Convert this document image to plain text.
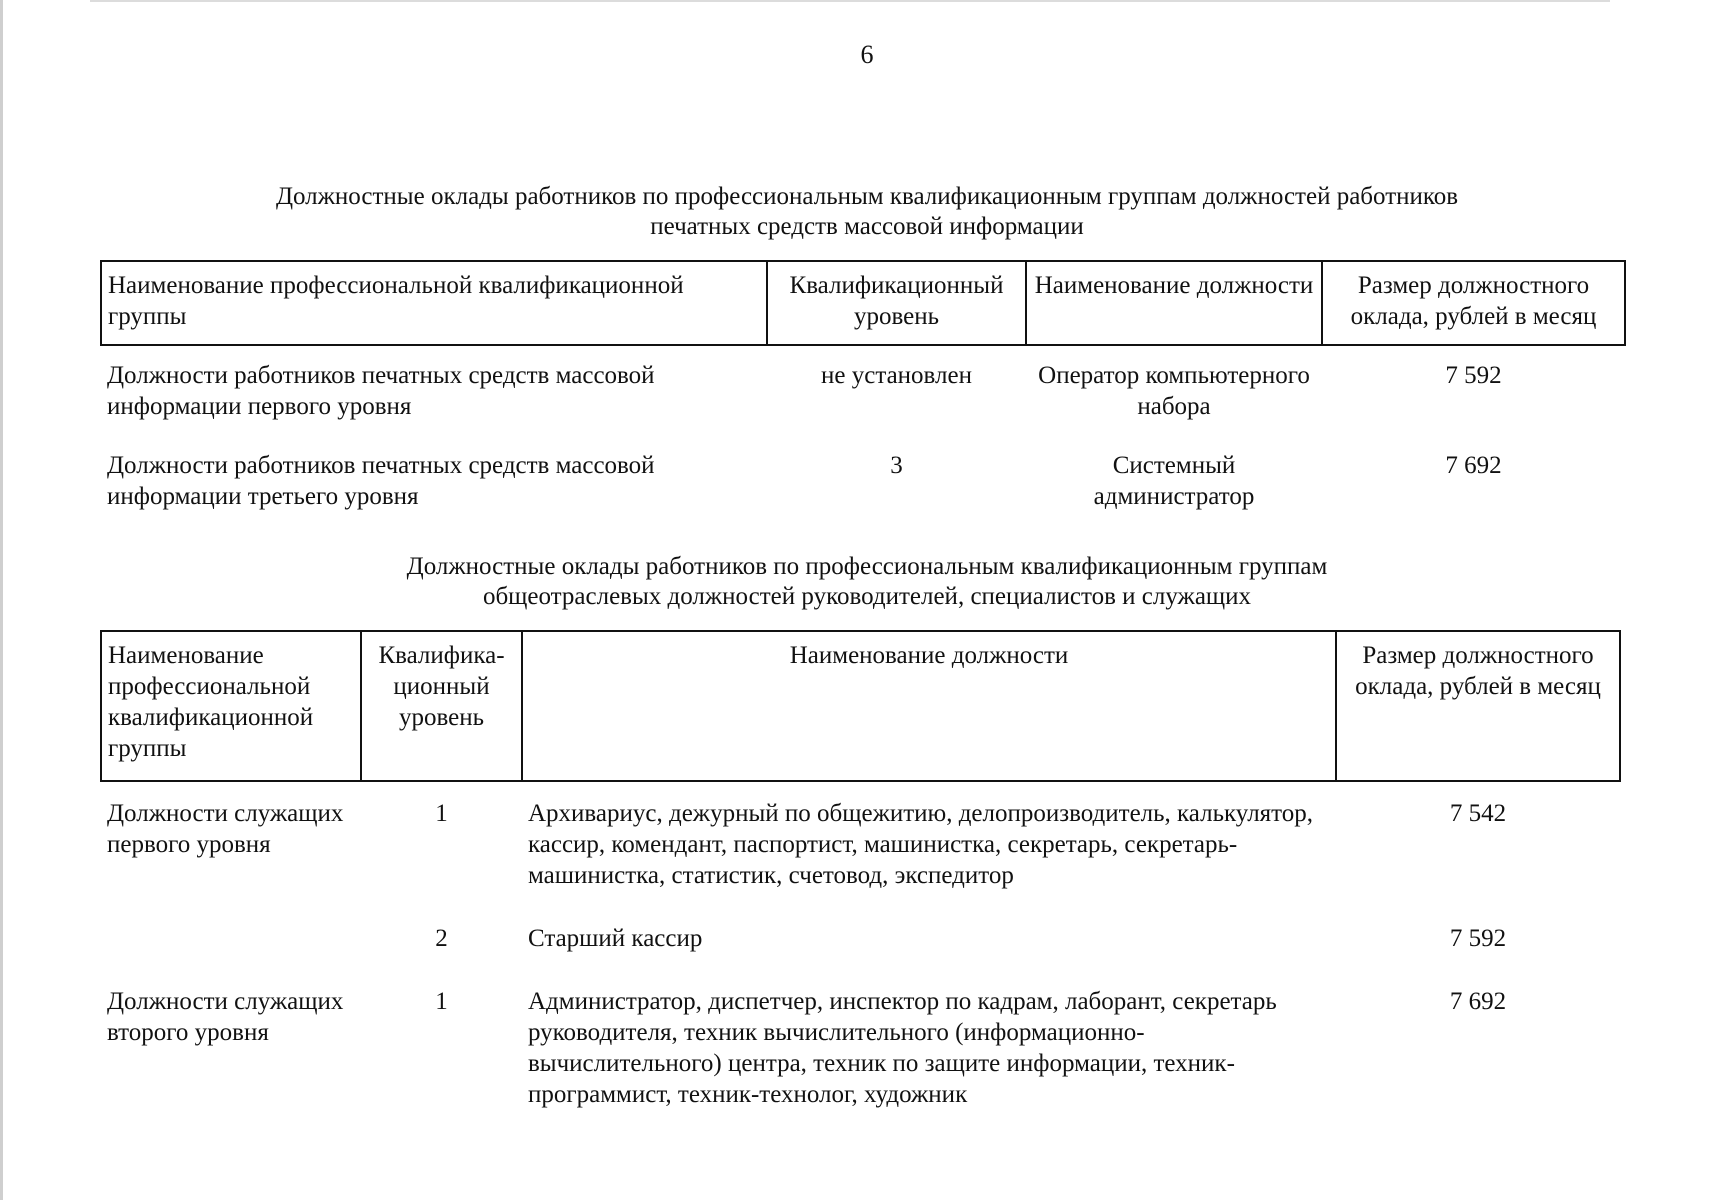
6
Должностные оклады работников по профессиональным квалификационным группам должностей работников
печатных средств массовой информации
Наименование профессиональной квалификационной группы	Квалификационный уровень	Наименование должности	Размер должностного оклада, рублей в месяц
Должности работников печатных средств массовой информации первого уровня	не установлен	Оператор компьютерного набора	7 592
Должности работников печатных средств массовой информации третьего уровня	3	Системный администратор	7 692
Должностные оклады работников по профессиональным квалификационным группам
общеотраслевых должностей руководителей, специалистов и служащих
Наименование профессиональной квалификационной группы	Квалифика-ционный уровень	Наименование должности	Размер должностного оклада, рублей в месяц
Должности служащих первого уровня	1	Архивариус, дежурный по общежитию, делопроизводитель, калькулятор, кассир, комендант, паспортист, машинистка, секретарь, секретарь-машинистка, статистик, счетовод, экспедитор	7 542
	2	Старший кассир	7 592
Должности служащих второго уровня	1	Администратор, диспетчер, инспектор по кадрам, лаборант, секретарь руководителя, техник вычислительного (информационно-вычислительного) центра, техник по защите информации, техник-программист, техник-технолог, художник	7 692
